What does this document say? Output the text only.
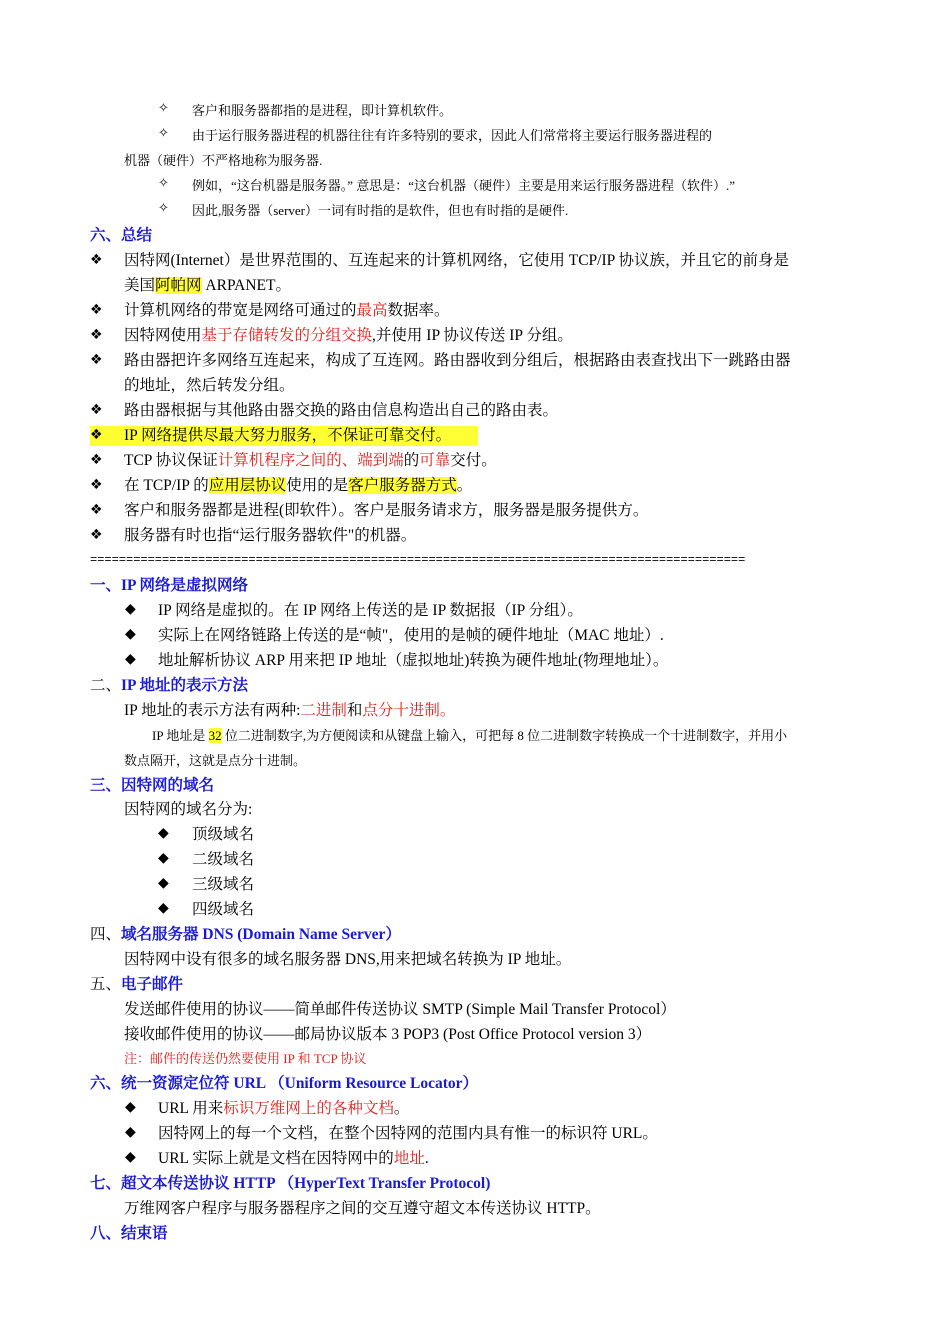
✧ 客户和服务器都指的是进程，即计算机软件。
✧ 由于运行服务器进程的机器往往有许多特别的要求，因此人们常常将主要运行服务器进程的
机器（硬件）不严格地称为服务器.
✧ 例如，“这台机器是服务器。” 意思是：“这台机器（硬件）主要是用来运行服务器进程（软件）.”
✧ 因此,服务器（server）一词有时指的是软件，但也有时指的是硬件.
六、总结
❖ 因特网(Internet）是世界范围的、互连起来的计算机网络，它使用 TCP/IP 协议族，并且它的前身是
美国阿帕网 ARPANET。
❖ 计算机网络的带宽是网络可通过的最高数据率。
❖ 因特网使用基于存储转发的分组交换,并使用 IP 协议传送 IP 分组。
❖ 路由器把许多网络互连起来，构成了互连网。路由器收到分组后，根据路由表查找出下一跳路由器
的地址，然后转发分组。
❖ 路由器根据与其他路由器交换的路由信息构造出自己的路由表。
❖ IP 网络提供尽最大努力服务，不保证可靠交付。
❖ TCP 协议保证计算机程序之间的、端到端的可靠交付。
❖ 在 TCP/IP 的应用层协议使用的是客户服务器方式。
❖ 客户和服务器都是进程(即软件）。客户是服务请求方，服务器是服务提供方。
❖ 服务器有时也指“运行服务器软件"的机器。
===========================================================================================
一、IP 网络是虚拟网络
◆ IP 网络是虚拟的。在 IP 网络上传送的是 IP 数据报（IP 分组）。
◆ 实际上在网络链路上传送的是“帧"，使用的是帧的硬件地址（MAC 地址）.
◆ 地址解析协议 ARP 用来把 IP 地址（虚拟地址)转换为硬件地址(物理地址）。
二、IP 地址的表示方法
IP 地址的表示方法有两种:二进制和点分十进制。
IP 地址是 32 位二进制数字,为方便阅读和从键盘上输入，可把每 8 位二进制数字转换成一个十进制数字，并用小
数点隔开，这就是点分十进制。
三、因特网的域名
因特网的域名分为:
◆ 顶级域名
◆ 二级域名
◆ 三级域名
◆ 四级域名
四、域名服务器 DNS (Domain Name Server）
因特网中设有很多的域名服务器 DNS,用来把域名转换为 IP 地址。
五、电子邮件
发送邮件使用的协议——简单邮件传送协议 SMTP (Simple Mail Transfer Protocol）
接收邮件使用的协议——邮局协议版本 3 POP3 (Post Office Protocol version 3）
注：邮件的传送仍然要使用 IP 和 TCP 协议
六、统一资源定位符 URL （Uniform Resource Locator）
◆ URL 用来标识万维网上的各种文档。
◆ 因特网上的每一个文档，在整个因特网的范围内具有惟一的标识符 URL。
◆ URL 实际上就是文档在因特网中的地址.
七、超文本传送协议 HTTP （HyperText Transfer Protocol)
万维网客户程序与服务器程序之间的交互遵守超文本传送协议 HTTP。
八、结束语
